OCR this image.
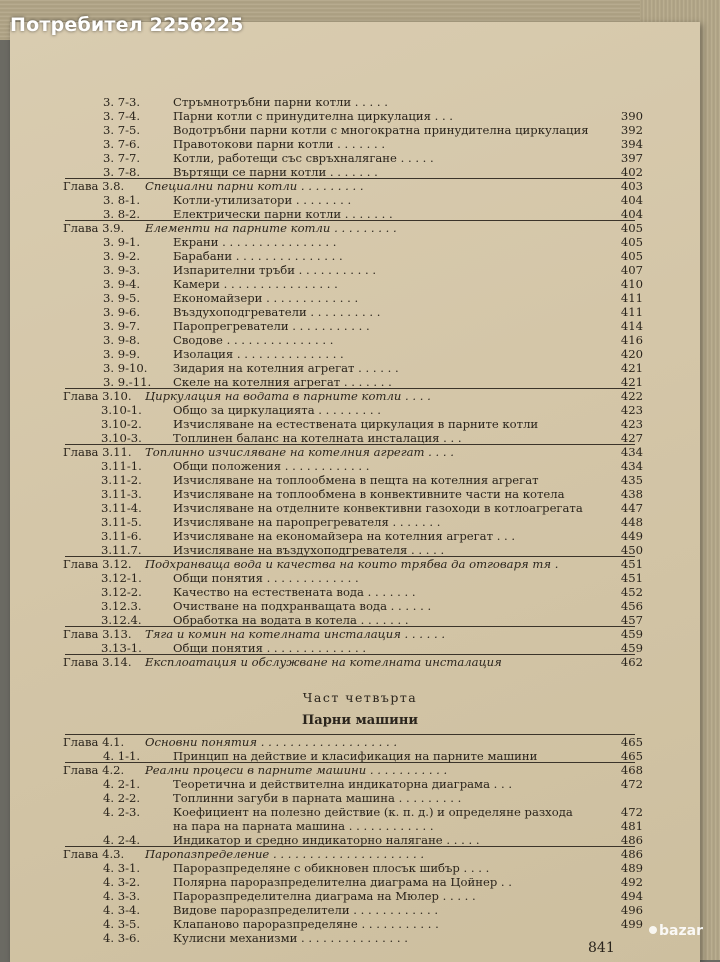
3. 7-3.	Стръмнотръбни парни котли . . . . .
3. 7-4.	Парни котли с принудителна циркулация . . .	390
3. 7-5.	Водотръбни парни котли с многократна принудителна циркулация	392
3. 7-6.	Правотокови парни котли . . . . . . .	394
3. 7-7.	Котли, работещи със свръхналягане . . . . .	397
3. 7-8.	Въртящи се парни котли . . . . . . .	402
Глава 3.8. Специални парни котли . . . . . . . . .	403
3. 8-1.	Котли-утилизатори . . . . . . . .	404
3. 8-2.	Електрически парни котли . . . . . . .	404
Глава 3.9. Елементи на парните котли . . . . . . . . .	405
3. 9-1.	Екрани . . . . . . . . . . . . . . . .	405
3. 9-2.	Барабани . . . . . . . . . . . . . . .	405
3. 9-3.	Изпарителни тръби . . . . . . . . . . .	407
3. 9-4.	Камери . . . . . . . . . . . . . . . .	410
3. 9-5.	Економайзери . . . . . . . . . . . . .	411
3. 9-6.	Въздухоподгреватели . . . . . . . . . .	411
3. 9-7.	Паропрегреватели . . . . . . . . . . .	414
3. 9-8.	Сводове . . . . . . . . . . . . . . .	416
3. 9-9.	Изолация . . . . . . . . . . . . . . .	420
3. 9-10. Зидария на котелния агрегат . . . . . .	421
3. 9.-11. Скеле на котелния агрегат . . . . . . .	421
Глава 3.10. Циркулация на водата в парните котли . . . .	422
3.10-1.	Общо за циркулацията . . . . . . . . .	423
3.10-2.	Изчисляване на естествената циркулация в парните котли	423
3.10-3.	Топлинен баланс на котелната инсталация . . .	427
Глава 3.11. Топлинно изчисляване на котелния агрегат . . . .	434
3.11-1.	Общи положения . . . . . . . . . . . .	434
3.11-2.	Изчисляване на топлообмена в пещта на котелния агрегат	435
3.11-3.	Изчисляване на топлообмена в конвективните части на котела	438
3.11-4.	Изчисляване на отделните конвективни газоходи в котлоагрегата	447
3.11-5.	Изчисляване на паропрегревателя . . . . . . .	448
3.11-6.	Изчисляване на економайзера на котелния агрегат . . .	449
3.11.7.	Изчисляване на въздухоподгревателя . . . . .	450
Глава 3.12. Подхранваща вода и качества на които трябва да отговаря тя .	451
3.12-1.	Общи понятия . . . . . . . . . . . . .	451
3.12-2.	Качество на естествената вода . . . . . . .	452
3.12.3.	Очистване на подхранващата вода . . . . . .	456
3.12.4.	Обработка на водата в котела . . . . . . .	457
Глава 3.13. Тяга и комин на котелната инсталация . . . . . .	459
3.13-1.	Общи понятия . . . . . . . . . . . . . .	459
Глава 3.14. Експлоатация и обслужване на котелната инсталация	462
Част четвърта
Парни машини
Глава 4.1. Основни понятия . . . . . . . . . . . . . . . . . . .	465
4. 1-1.	Принцип на действие и класификация на парните машини	465
Глава 4.2. Реални процеси в парните машини . . . . . . . . . . .	468
4. 2-1.	Теоретична и действителна индикаторна диаграма . . .	472
4. 2-2.	Топлинни загуби в парната машина . . . . . . . . .
4. 2-3.	Коефициент на полезно действие (к. п. д.) и определяне разхода	472
на пара на парната машина . . . . . . . . . . . .	481
4. 2-4.	Индикатор и средно индикаторно налягане . . . . .	486
Глава 4.3. Паропазпределение . . . . . . . . . . . . . . . . . . . . .	486
4. 3-1.	Пароразпределяне с обикновен плосък шибър . . . .	489
4. 3-2.	Полярна пароразпределителна диаграма на Цойнер . .	492
4. 3-3.	Пароразпределителна диаграма на Мюлер . . . . .	494
4. 3-4.	Видове пароразпределители . . . . . . . . . . . .	496
4. 3-5.	Клапаново пароразпределяне . . . . . . . . . . .	499
4. 3-6.	Кулисни механизми . . . . . . . . . . . . . . .
841
Потребител 2256225
bazar
